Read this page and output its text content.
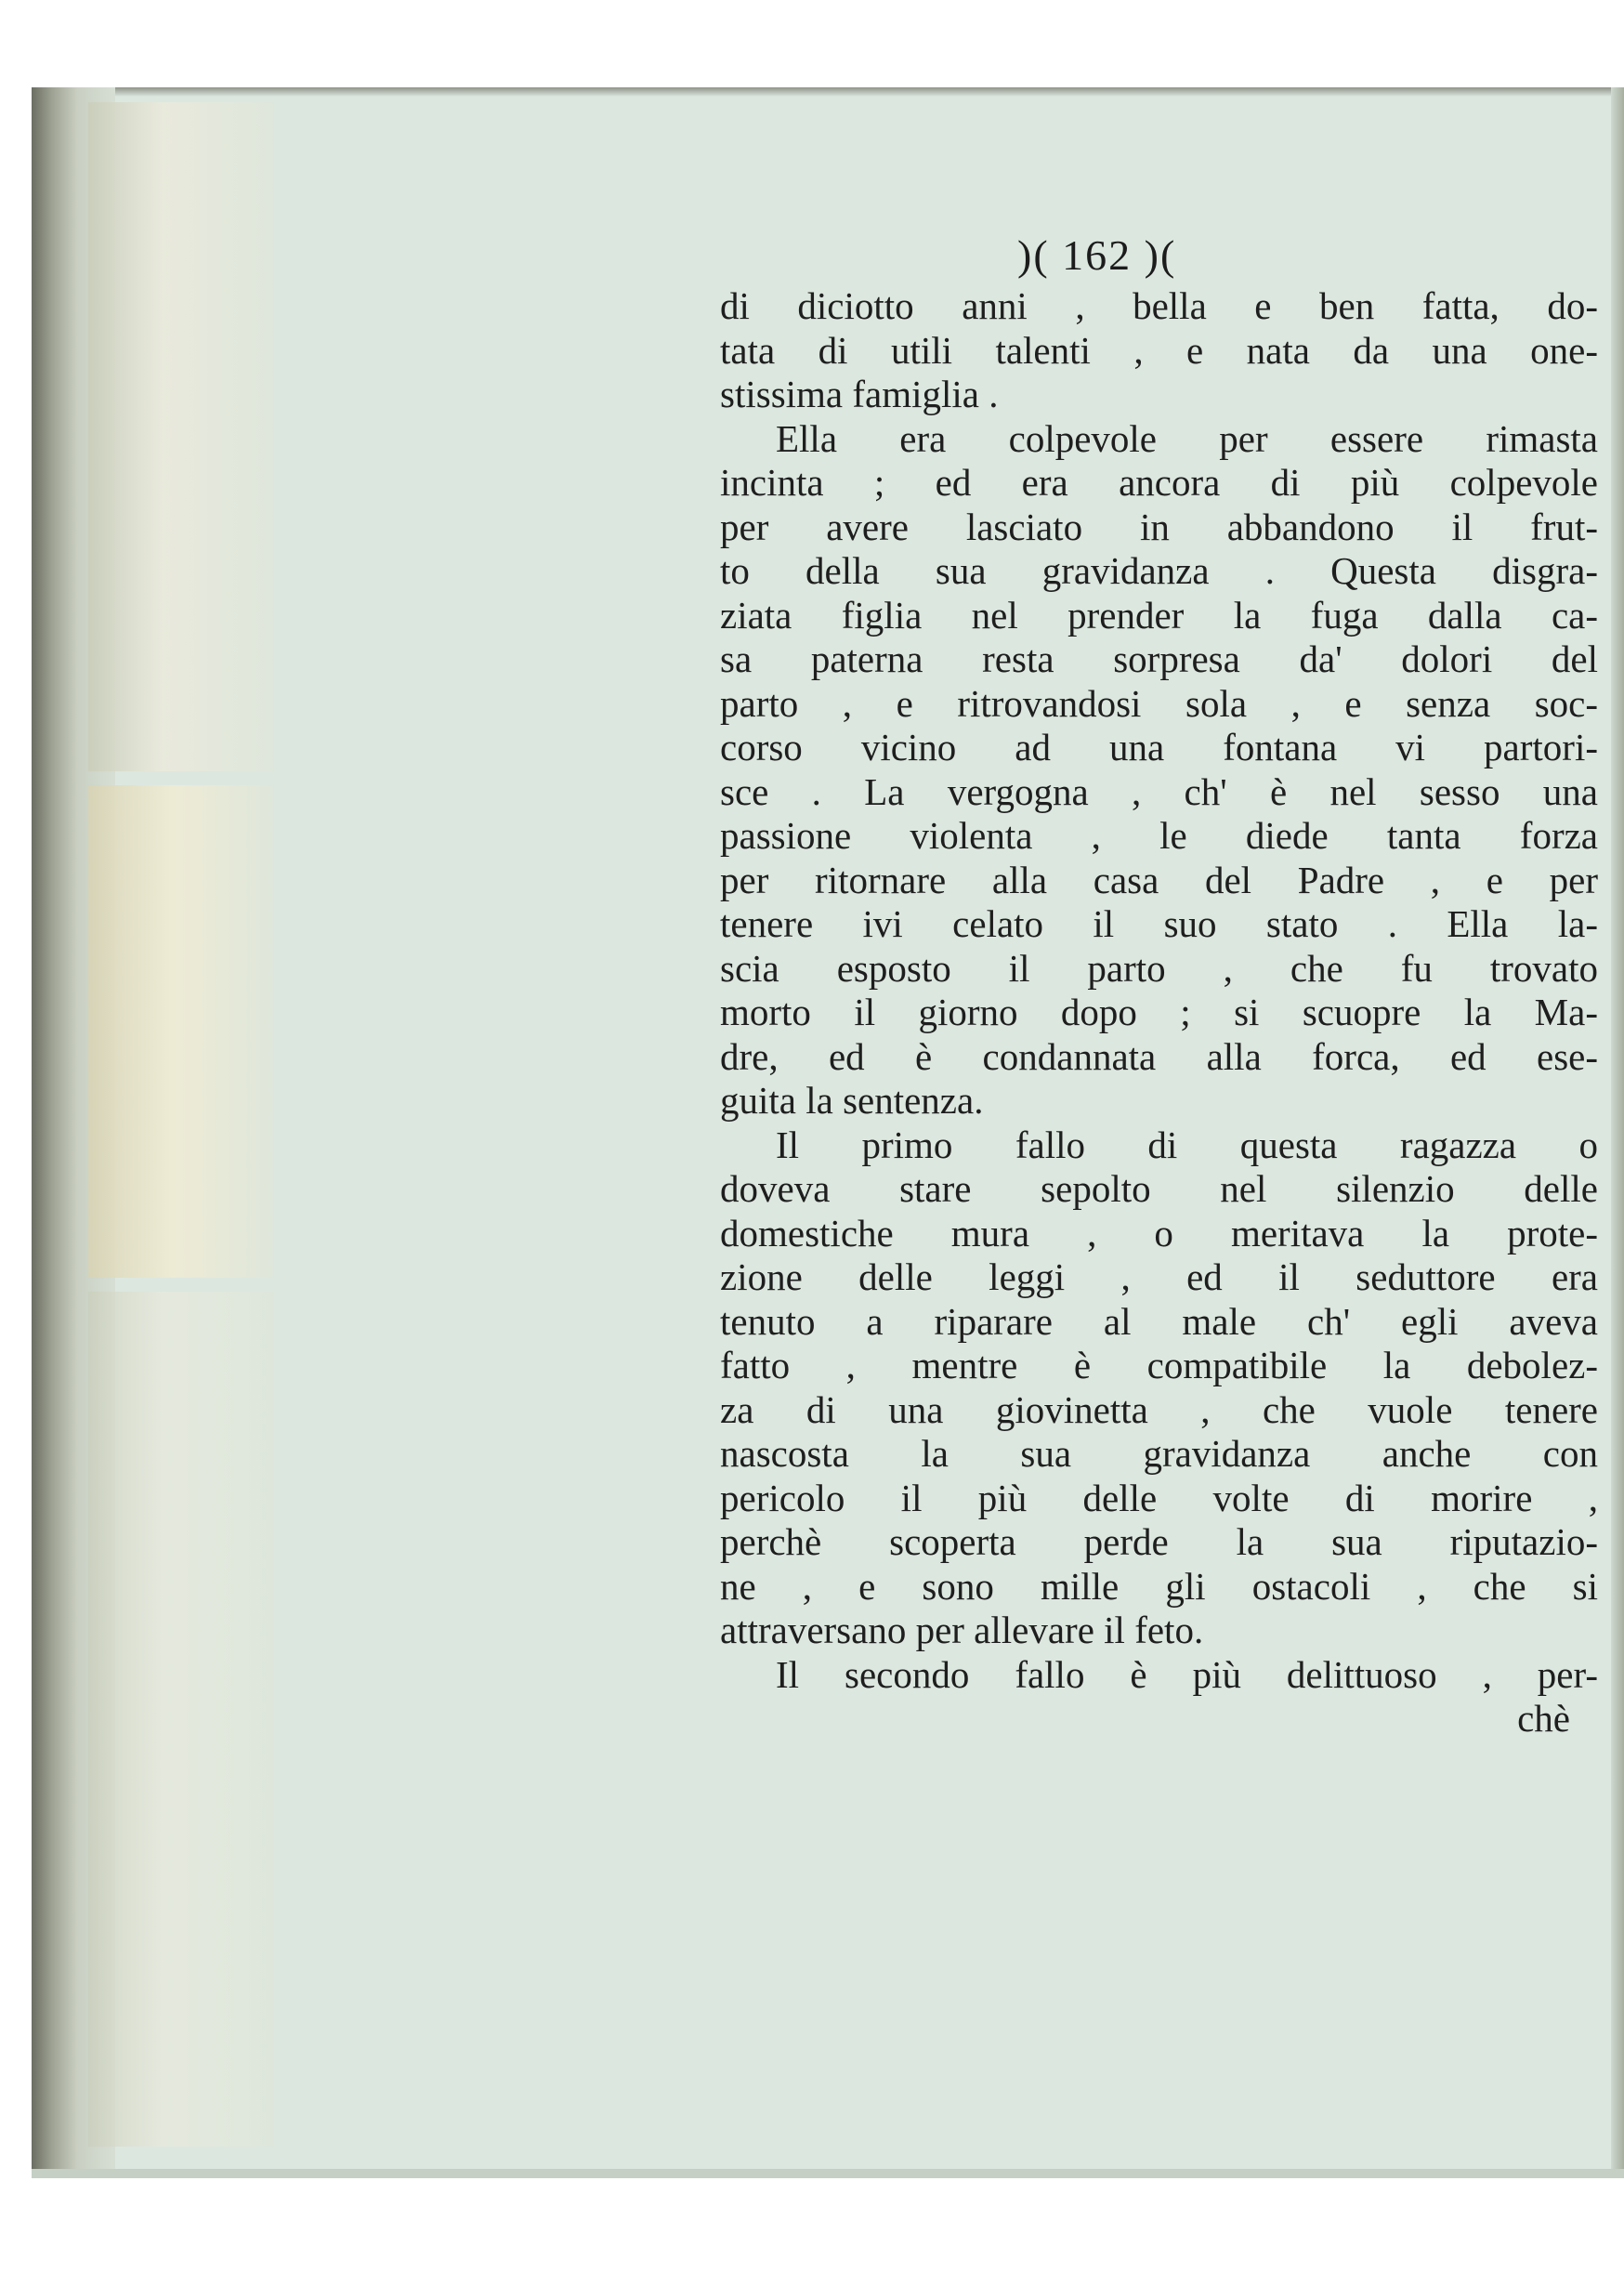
)( 162 )(
di diciotto anni , bella e ben fatta, do-
tata di utili talenti , e nata da una one-
stissima famiglia .
Ella era colpevole per essere rimasta
incinta ; ed era ancora di più colpevole
per avere lasciato in abbandono il frut-
to della sua gravidanza . Questa disgra-
ziata figlia nel prender la fuga dalla ca-
sa paterna resta sorpresa da' dolori del
parto , e ritrovandosi sola , e senza soc-
corso vicino ad una fontana vi partori-
sce . La vergogna , ch' è nel sesso una
passione violenta , le diede tanta forza
per ritornare alla casa del Padre , e per
tenere ivi celato il suo stato . Ella la-
scia esposto il parto , che fu trovato
morto il giorno dopo ; si scuopre la Ma-
dre, ed è condannata alla forca, ed ese-
guita la sentenza.
Il primo fallo di questa ragazza o
doveva stare sepolto nel silenzio delle
domestiche mura , o meritava la prote-
zione delle leggi , ed il seduttore era
tenuto a riparare al male ch' egli aveva
fatto , mentre è compatibile la debolez-
za di una giovinetta , che vuole tenere
nascosta la sua gravidanza anche con
pericolo il più delle volte di morire ,
perchè scoperta perde la sua riputazio-
ne , e sono mille gli ostacoli , che si
attraversano per allevare il feto.
Il secondo fallo è più delittuoso , per-
chè
